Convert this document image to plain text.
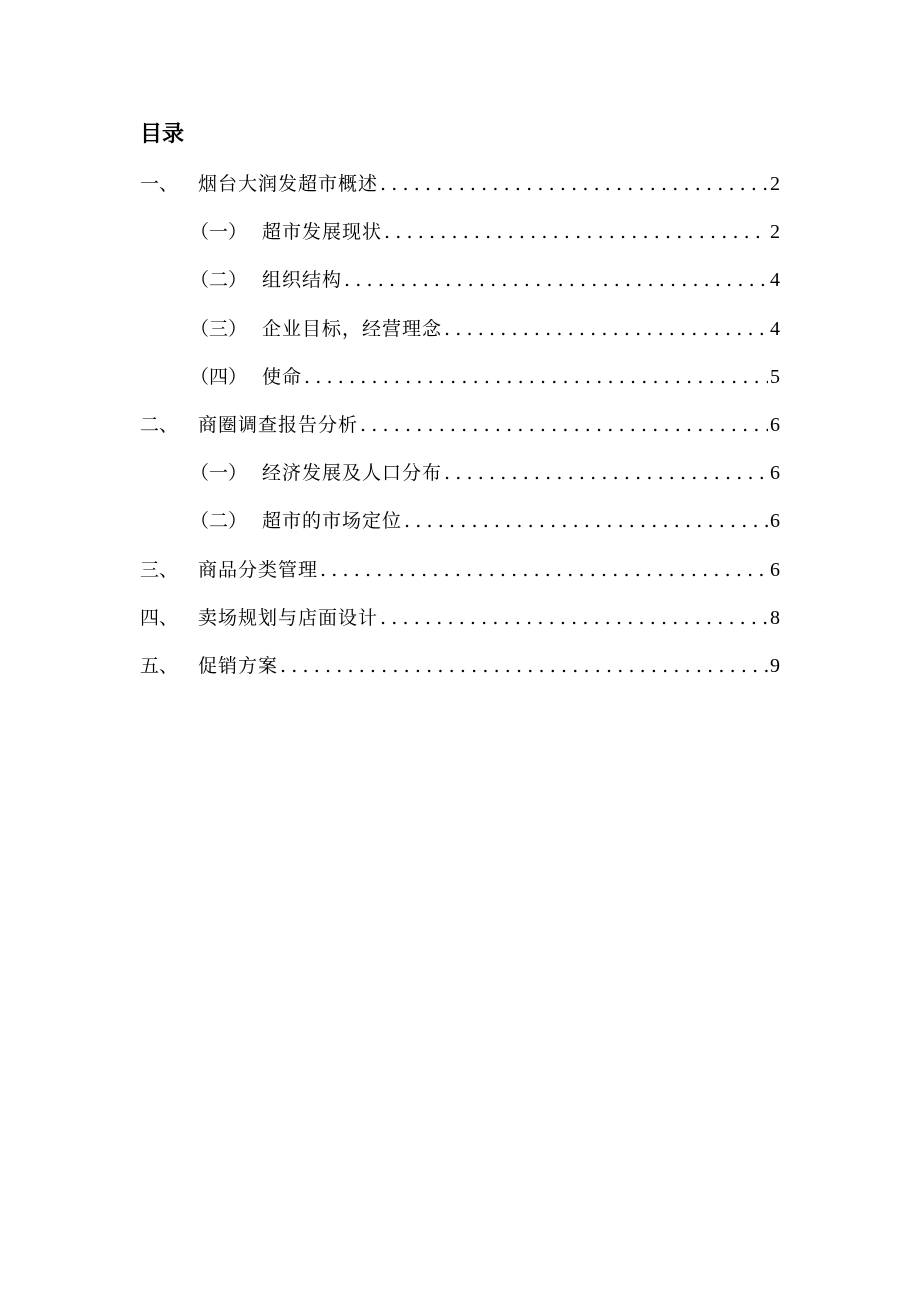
目录
一、	烟台大润发超市概述 .....	2
（一） 超市发展现状 .....	2
（二） 组织结构 .....	4
（三） 企业目标，经营理念 .....	4
（四） 使命 .....	5
二、	商圈调查报告分析 .....	6
（一） 经济发展及人口分布 .....	6
（二） 超市的市场定位 .....	6
三、	商品分类管理 .....	6
四、	卖场规划与店面设计 .....	8
五、	促销方案 .....	9
